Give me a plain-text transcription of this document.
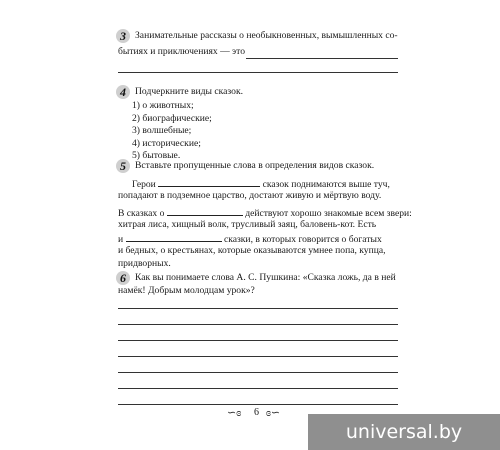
3 Занимательные рассказы о необыкновенных, вымышленных со-
бытиях и приключениях — это
4 Подчеркните виды сказок.
1) о животных;
2) биографические;
3) волшебные;
4) исторические;
5) бытовые.
5 Вставьте пропущенные слова в определения видов сказок.
Герои	сказок поднимаются выше туч,
попадают в подземное царство, достают живую и мёртвую воду.
В сказках о	действуют хорошо знакомые всем звери:
хитрая лиса, хищный волк, трусливый заяц, баловень-кот. Есть
и	сказки, в которых говорится о богатых
и бедных, о крестьянах, которые оказываются умнее попа, купца,
придворных.
6 Как вы понимаете слова А. С. Пушкина: «Сказка ложь, да в ней
намёк! Добрым молодцам урок»?
∽ɞ 6 ɞ∽
universal.by
